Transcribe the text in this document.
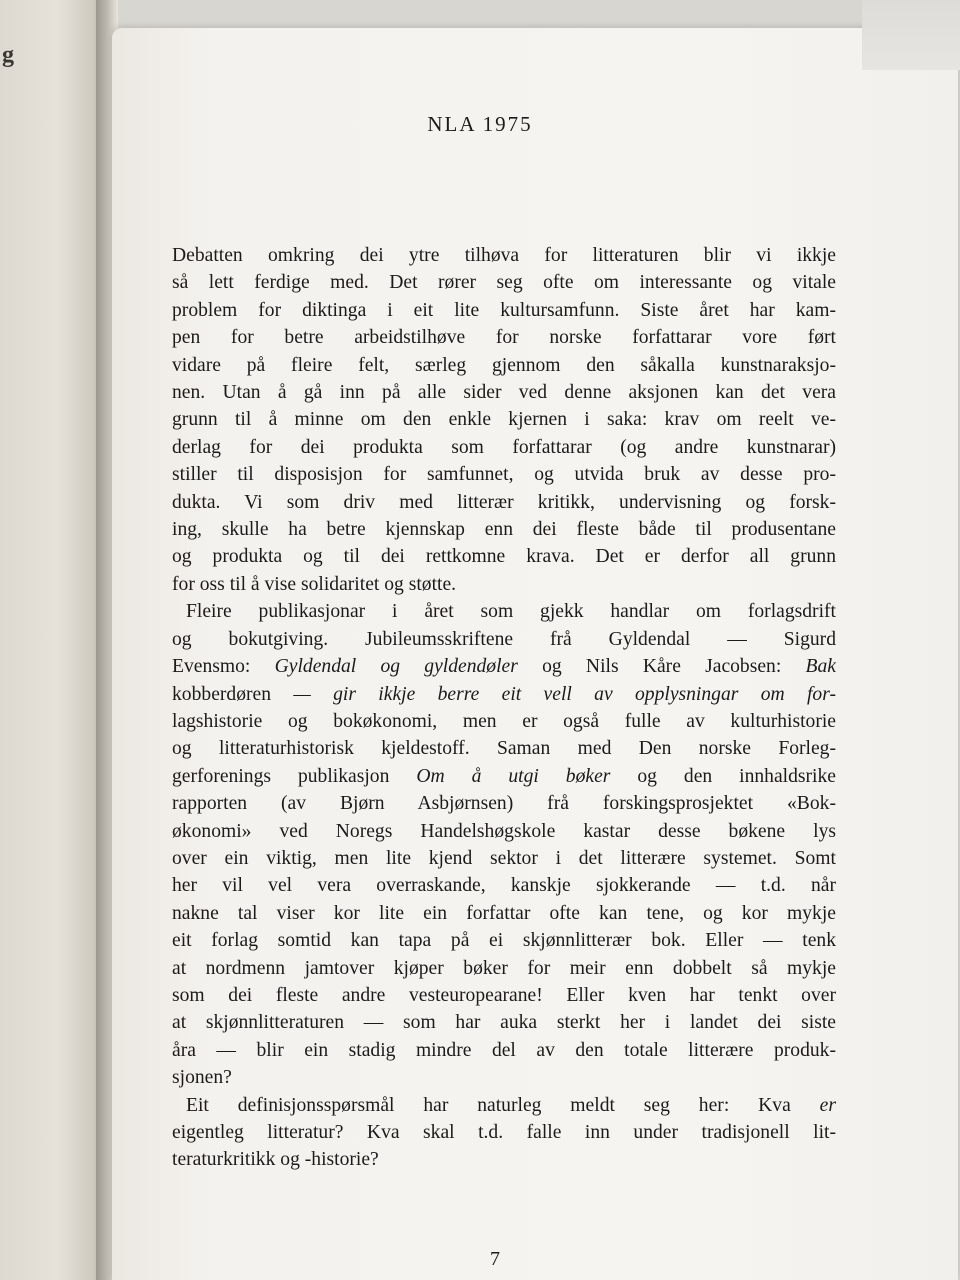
g
NLA 1975
Debatten omkring dei ytre tilhøva for litteraturen blir vi ikkje
så lett ferdige med. Det rører seg ofte om interessante og vitale
problem for diktinga i eit lite kultursamfunn. Siste året har kam-
pen for betre arbeidstilhøve for norske forfattarar vore ført
vidare på fleire felt, særleg gjennom den såkalla kunstnaraksjo-
nen. Utan å gå inn på alle sider ved denne aksjonen kan det vera
grunn til å minne om den enkle kjernen i saka: krav om reelt ve-
derlag for dei produkta som forfattarar (og andre kunstnarar)
stiller til disposisjon for samfunnet, og utvida bruk av desse pro-
dukta. Vi som driv med litterær kritikk, undervisning og forsk-
ing, skulle ha betre kjennskap enn dei fleste både til produsentane
og produkta og til dei rettkomne krava. Det er derfor all grunn
for oss til å vise solidaritet og støtte.
Fleire publikasjonar i året som gjekk handlar om forlagsdrift
og bokutgiving. Jubileumsskriftene frå Gyldendal — Sigurd
Evensmo: Gyldendal og gyldendøler og Nils Kåre Jacobsen: Bak
kobberdøren — gir ikkje berre eit vell av opplysningar om for-
lagshistorie og bokøkonomi, men er også fulle av kulturhistorie
og litteraturhistorisk kjeldestoff. Saman med Den norske Forleg-
gerforenings publikasjon Om å utgi bøker og den innhaldsrike
rapporten (av Bjørn Asbjørnsen) frå forskingsprosjektet «Bok-
økonomi» ved Noregs Handelshøgskole kastar desse bøkene lys
over ein viktig, men lite kjend sektor i det litterære systemet. Somt
her vil vel vera overraskande, kanskje sjokkerande — t.d. når
nakne tal viser kor lite ein forfattar ofte kan tene, og kor mykje
eit forlag somtid kan tapa på ei skjønnlitterær bok. Eller — tenk
at nordmenn jamtover kjøper bøker for meir enn dobbelt så mykje
som dei fleste andre vesteuropearane! Eller kven har tenkt over
at skjønnlitteraturen — som har auka sterkt her i landet dei siste
åra — blir ein stadig mindre del av den totale litterære produk-
sjonen?
Eit definisjonsspørsmål har naturleg meldt seg her: Kva er
eigentleg litteratur? Kva skal t.d. falle inn under tradisjonell lit-
teraturkritikk og -historie?
7
